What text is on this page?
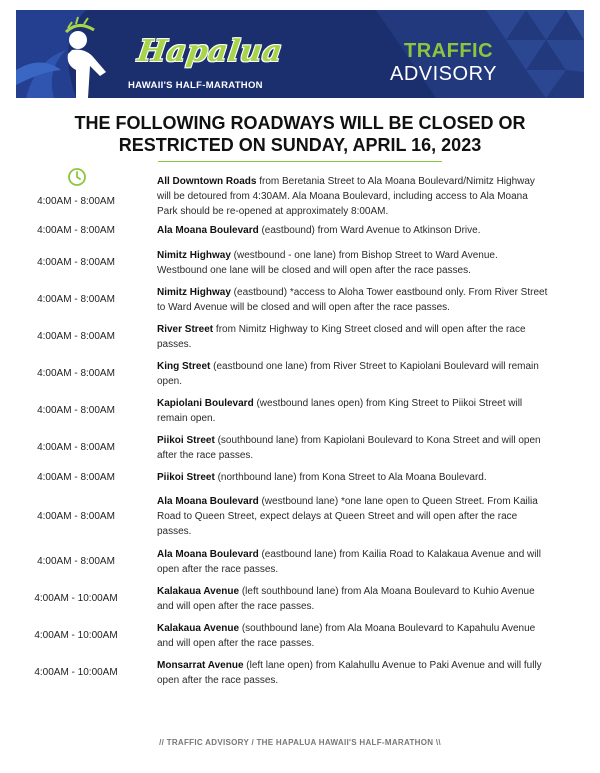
Hapalua
HAWAII'S HALF-MARATHON
TRAFFIC
ADVISORY
THE FOLLOWING ROADWAYS WILL BE CLOSED OR
RESTRICTED ON SUNDAY, APRIL 16, 2023
4:00AM - 8:00AM
All Downtown Roads from Beretania Street to Ala Moana Boulevard/Nimitz Highway will be detoured from 4:30AM. Ala Moana Boulevard, including access to Ala Moana Park should be re-opened at approximately 8:00AM.
4:00AM - 8:00AM	Ala Moana Boulevard (eastbound) from Ward Avenue to Atkinson Drive.
4:00AM - 8:00AM
Nimitz Highway (westbound - one lane) from Bishop Street to Ward Avenue. Westbound one lane will be closed and will open after the race passes.
4:00AM - 8:00AM
Nimitz Highway (eastbound) *access to Aloha Tower eastbound only. From River Street to Ward Avenue will be closed and will open after the race passes.
4:00AM - 8:00AM
River Street from Nimitz Highway to King Street closed and will open after the race passes.
4:00AM - 8:00AM
King Street (eastbound one lane) from River Street to Kapiolani Boulevard will remain open.
4:00AM - 8:00AM
Kapiolani Boulevard (westbound lanes open) from King Street to Piikoi Street will remain open.
4:00AM - 8:00AM
Piikoi Street (southbound lane) from Kapiolani Boulevard to Kona Street and will open after the race passes.
4:00AM - 8:00AM	Piikoi Street (northbound lane) from Kona Street to Ala Moana Boulevard.
4:00AM - 8:00AM
Ala Moana Boulevard (westbound lane) *one lane open to Queen Street. From Kailia Road to Queen Street, expect delays at Queen Street and will open after the race passes.
4:00AM - 8:00AM
Ala Moana Boulevard (eastbound lane) from Kailia Road to Kalakaua Avenue and will open after the race passes.
4:00AM - 10:00AM
Kalakaua Avenue (left southbound lane) from Ala Moana Boulevard to Kuhio Avenue and will open after the race passes.
4:00AM - 10:00AM
Kalakaua Avenue (southbound lane) from Ala Moana Boulevard to Kapahulu Avenue and will open after the race passes.
4:00AM - 10:00AM
Monsarrat Avenue (left lane open) from Kalahullu Avenue to Paki Avenue and will fully open after the race passes.
// TRAFFIC ADVISORY / THE HAPALUA HAWAII'S HALF-MARATHON \\
